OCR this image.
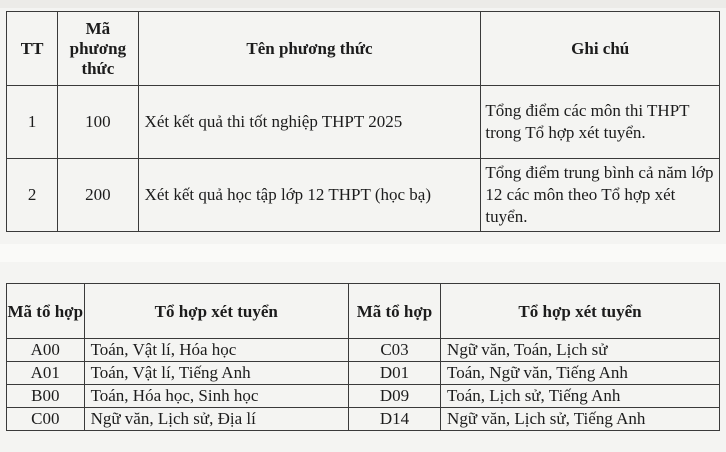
TT	Mã phương thức	Tên phương thức	Ghi chú
1	100	Xét kết quả thi tốt nghiệp THPT 2025	Tổng điểm các môn thi THPT trong Tổ hợp xét tuyển.
2	200	Xét kết quả học tập lớp 12 THPT (học bạ)	Tổng điểm trung bình cả năm lớp 12 các môn theo Tổ hợp xét tuyển.
Mã tổ hợp	Tổ hợp xét tuyển	Mã tổ hợp	Tổ hợp xét tuyển
A00	Toán, Vật lí, Hóa học	C03	Ngữ văn, Toán, Lịch sử
A01	Toán, Vật lí, Tiếng Anh	D01	Toán, Ngữ văn, Tiếng Anh
B00	Toán, Hóa học, Sinh học	D09	Toán, Lịch sử, Tiếng Anh
C00	Ngữ văn, Lịch sử, Địa lí	D14	Ngữ văn, Lịch sử, Tiếng Anh
